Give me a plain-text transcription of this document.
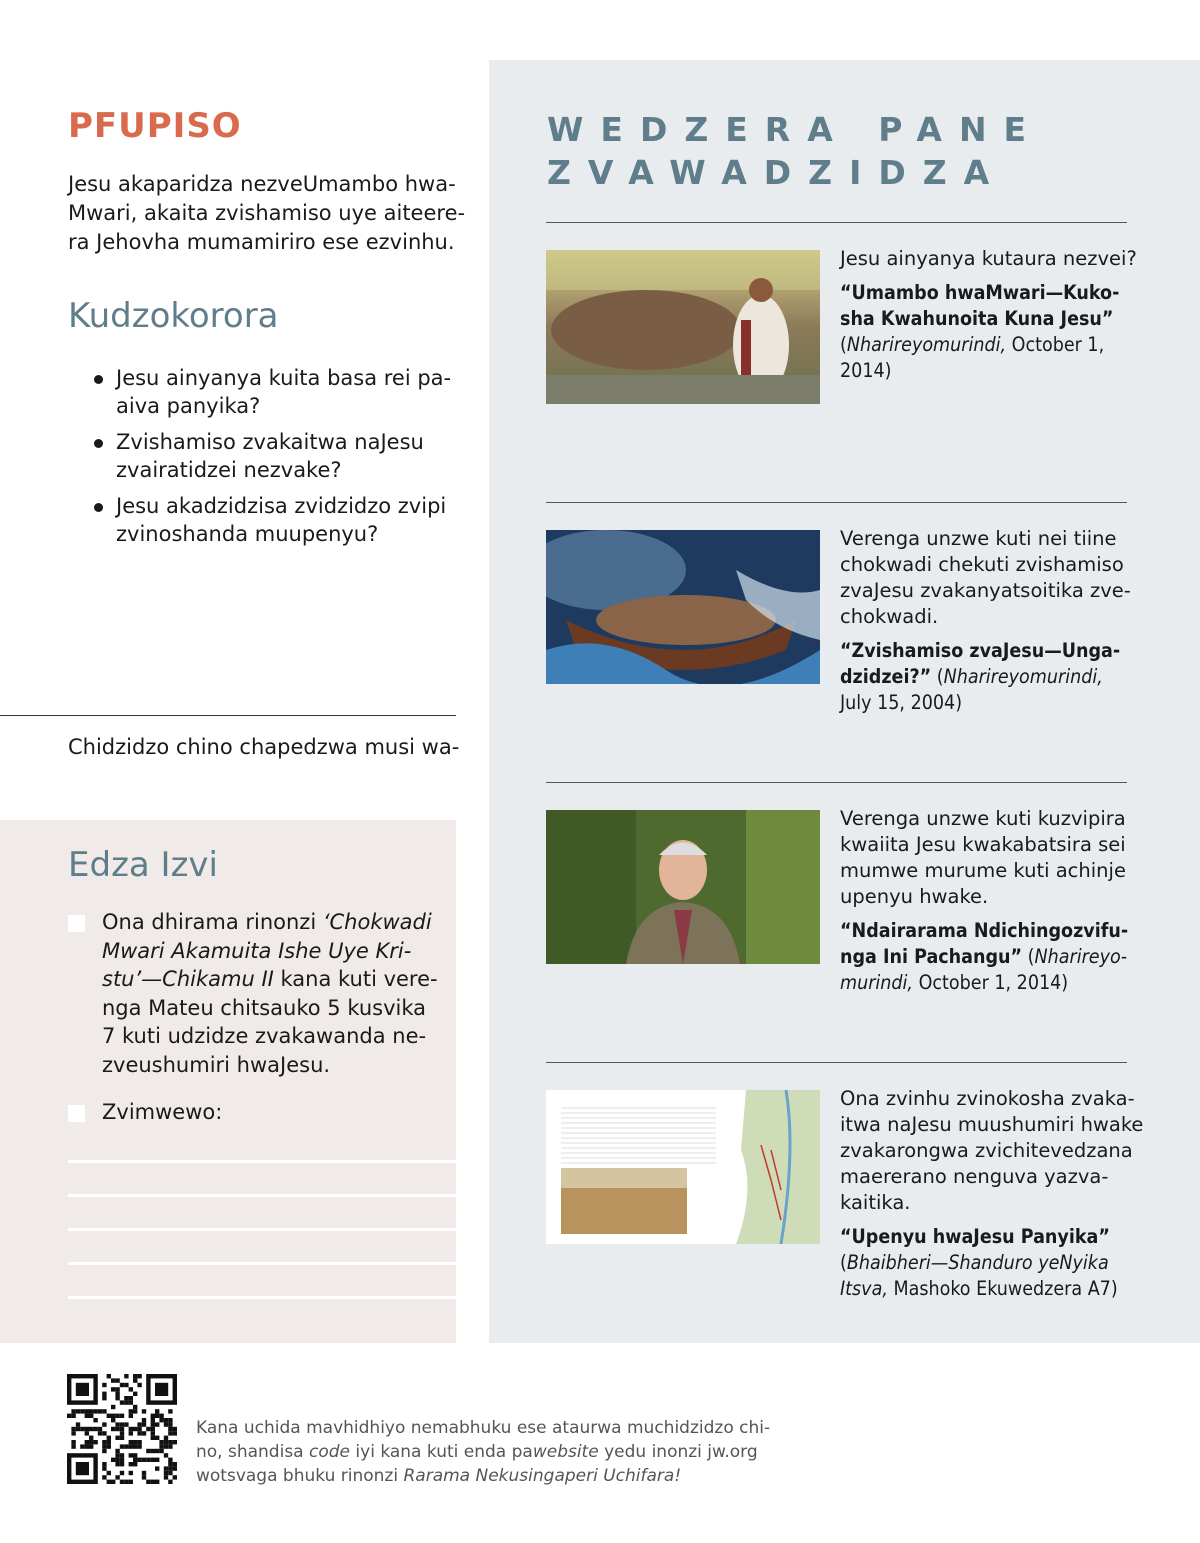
PFUPISO
Jesu akaparidza nezveUmambo hwa-
Mwari, akaita zvishamiso uye aiteere-
ra Jehovha mumamiriro ese ezvinhu.
Kudzokorora
Jesu ainyanya kuita basa rei pa-
aiva panyika?
Zvishamiso zvakaitwa naJesu
zvairatidzei nezvake?
Jesu akadzidzisa zvidzidzo zvipi
zvinoshanda muupenyu?
Chidzidzo chino chapedzwa musi wa-
Edza Izvi
Ona dhirama rinonzi ‘Chokwadi
Mwari Akamuita Ishe Uye Kri-
stu’—Chikamu II kana kuti vere-
nga Mateu chitsauko 5 kusvika
7 kuti udzidze zvakawanda ne-
zveushumiri hwaJesu.
Zvimwewo:
WEDZERA PANE
ZVAWADZIDZA
Jesu ainyanya kutaura nezvei?
“Umambo hwaMwari—Kuko-
sha Kwahunoita Kuna Jesu”
(Nharireyomurindi, October 1,
2014)
Verenga unzwe kuti nei tiine
chokwadi chekuti zvishamiso
zvaJesu zvakanyatsoitika zve-
chokwadi.
“Zvishamiso zvaJesu—Unga-
dzidzei?” (Nharireyomurindi,
July 15, 2004)
Verenga unzwe kuti kuzvipira
kwaiita Jesu kwakabatsira sei
mumwe murume kuti achinje
upenyu hwake.
“Ndairarama Ndichingozvifu-
nga Ini Pachangu” (Nharireyo-
murindi, October 1, 2014)
Ona zvinhu zvinokosha zvaka-
itwa naJesu muushumiri hwake
zvakarongwa zvichitevedzana
maererano nenguva yazva-
kaitika.
“Upenyu hwaJesu Panyika”
(Bhaibheri—Shanduro yeNyika
Itsva, Mashoko Ekuwedzera A7)
Kana uchida mavhidhiyo nemabhuku ese ataurwa muchidzidzo chi-
no, shandisa code iyi kana kuti enda pawebsite yedu inonzi jw.org
wotsvaga bhuku rinonzi Rarama Nekusingaperi Uchifara!
